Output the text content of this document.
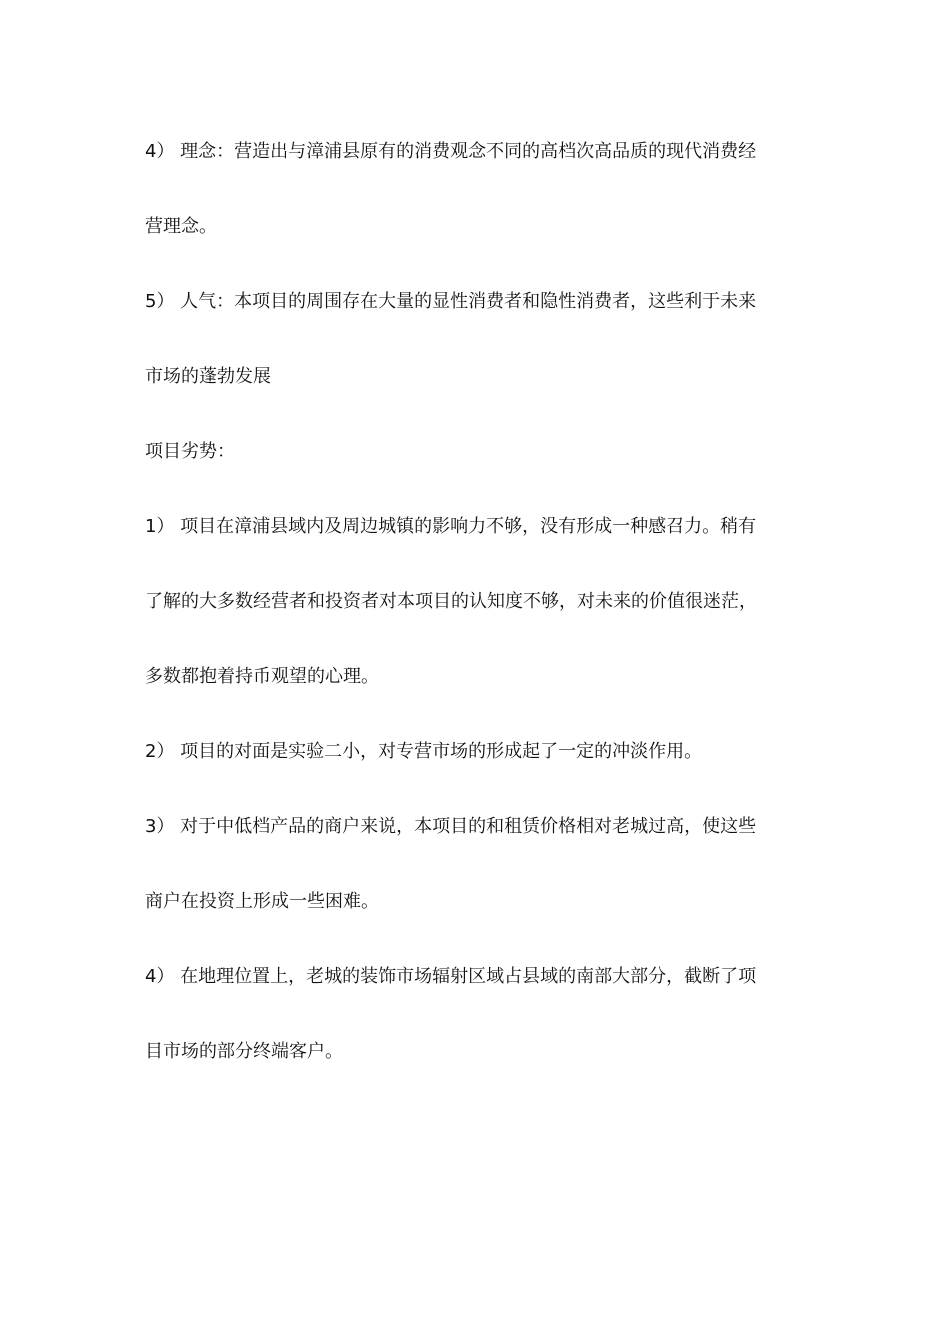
4） 理念：营造出与漳浦县原有的消费观念不同的高档次高品质的现代消费经
营理念。
5） 人气：本项目的周围存在大量的显性消费者和隐性消费者，这些利于未来
市场的蓬勃发展
项目劣势：
1） 项目在漳浦县域内及周边城镇的影响力不够，没有形成一种感召力。稍有
了解的大多数经营者和投资者对本项目的认知度不够，对未来的价值很迷茫，
多数都抱着持币观望的心理。
2） 项目的对面是实验二小，对专营市场的形成起了一定的冲淡作用。
3） 对于中低档产品的商户来说，本项目的和租赁价格相对老城过高，使这些
商户在投资上形成一些困难。
4） 在地理位置上，老城的装饰市场辐射区域占县域的南部大部分，截断了项
目市场的部分终端客户。
